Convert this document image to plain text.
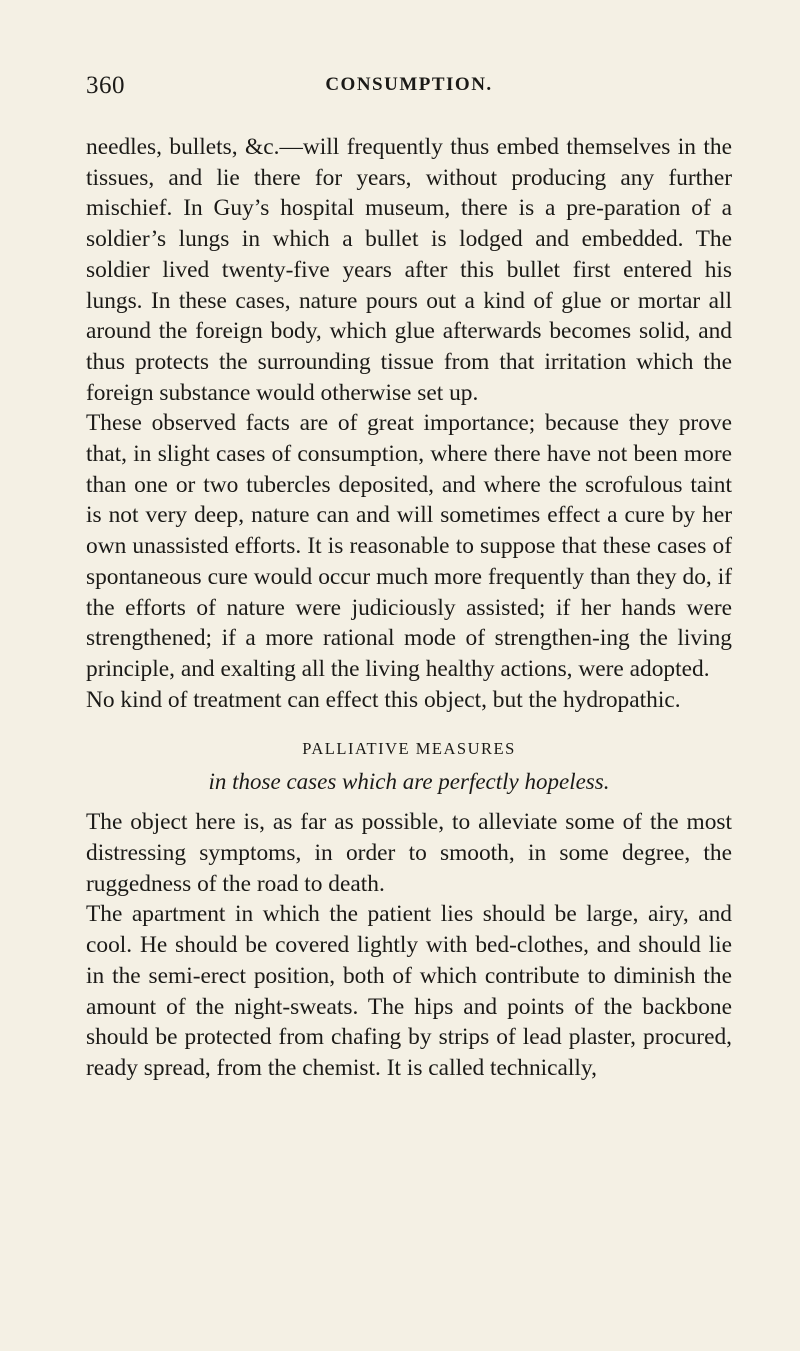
360	CONSUMPTION.

needles, bullets, &c.—will frequently thus embed themselves in the tissues, and lie there for years, without producing any further mischief. In Guy’s hospital museum, there is a pre-paration of a soldier’s lungs in which a bullet is lodged and embedded. The soldier lived twenty-five years after this bullet first entered his lungs. In these cases, nature pours out a kind of glue or mortar all around the foreign body, which glue afterwards becomes solid, and thus protects the surrounding tissue from that irritation which the foreign substance would otherwise set up.

These observed facts are of great importance; because they prove that, in slight cases of consumption, where there have not been more than one or two tubercles deposited, and where the scrofulous taint is not very deep, nature can and will sometimes effect a cure by her own unassisted efforts. It is reasonable to suppose that these cases of spontaneous cure would occur much more frequently than they do, if the efforts of nature were judiciously assisted; if her hands were strengthened; if a more rational mode of strengthen-ing the living principle, and exalting all the living healthy actions, were adopted.

No kind of treatment can effect this object, but the hydropathic.

PALLIATIVE MEASURES
in those cases which are perfectly hopeless.

The object here is, as far as possible, to alleviate some of the most distressing symptoms, in order to smooth, in some degree, the ruggedness of the road to death.

The apartment in which the patient lies should be large, airy, and cool. He should be covered lightly with bed-clothes, and should lie in the semi-erect position, both of which contribute to diminish the amount of the night-sweats. The hips and points of the backbone should be protected from chafing by strips of lead plaster, procured, ready spread, from the chemist. It is called technically,
